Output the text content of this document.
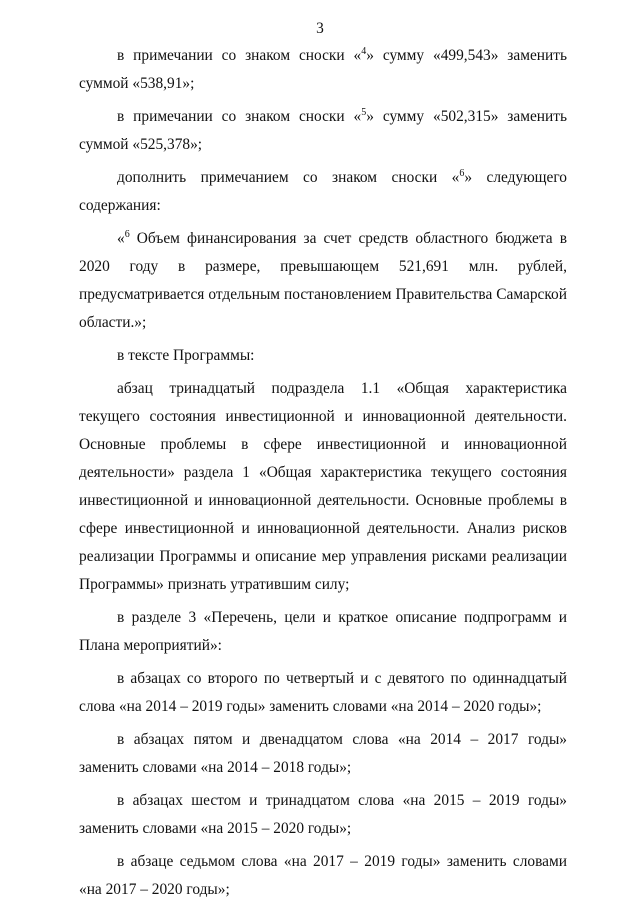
3

в примечании со знаком сноски «$^4$» сумму «499,543» заменить суммой «538,91»;

в примечании со знаком сноски «$^5$» сумму «502,315» заменить суммой «525,378»;

дополнить примечанием со знаком сноски «$^6$» следующего содержания:

«$^6$ Объем финансирования за счет средств областного бюджета в 2020 году в размере, превышающем 521,691 млн. рублей, предусматривается отдельным постановлением Правительства Самарской области.»;

в тексте Программы:

абзац тринадцатый подраздела 1.1 «Общая характеристика текущего состояния инвестиционной и инновационной деятельности. Основные проблемы в сфере инвестиционной и инновационной деятельности» раздела 1 «Общая характеристика текущего состояния инвестиционной и инновационной деятельности. Основные проблемы в сфере инвестиционной и инновационной деятельности. Анализ рисков реализации Программы и описание мер управления рисками реализации Программы» признать утратившим силу;

в разделе 3 «Перечень, цели и краткое описание подпрограмм и Плана мероприятий»:

в абзацах со второго по четвертый и с девятого по одиннадцатый слова «на 2014 – 2019 годы» заменить словами «на 2014 – 2020 годы»;

в абзацах пятом и двенадцатом слова «на 2014 – 2017 годы» заменить словами «на 2014 – 2018 годы»;

в абзацах шестом и тринадцатом слова «на 2015 – 2019 годы» заменить словами «на 2015 – 2020 годы»;

в абзаце седьмом слова «на 2017 – 2019 годы» заменить словами «на 2017 – 2020 годы»;
